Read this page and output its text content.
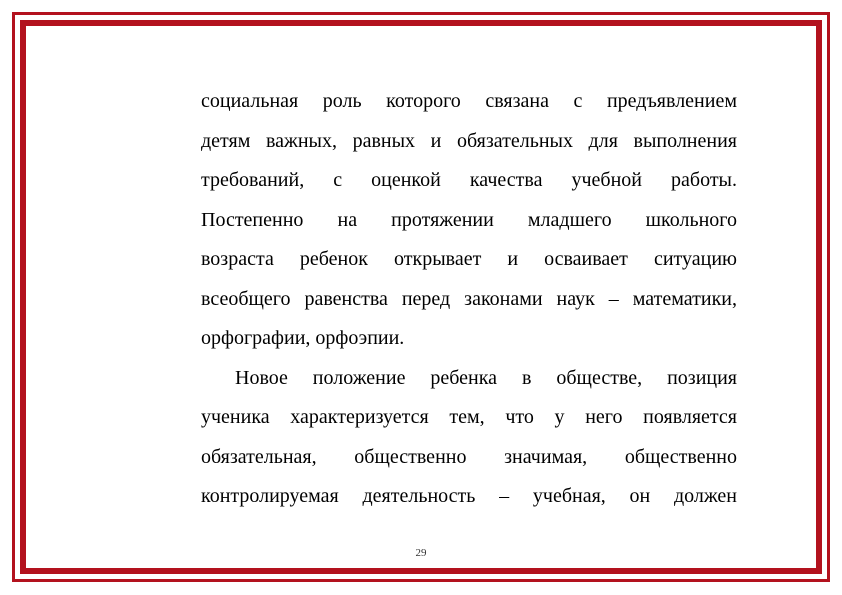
социальная роль которого связана с предъявлением
детям важных, равных и обязательных для выполнения
требований, с оценкой качества учебной работы.
Постепенно на протяжении младшего школьного
возраста ребенок открывает и осваивает ситуацию
всеобщего равенства перед законами наук – математики,
орфографии, орфоэпии.
Новое положение ребенка в обществе, позиция
ученика характеризуется тем, что у него появляется
обязательная, общественно значимая, общественно
контролируемая деятельность – учебная, он должен
29
